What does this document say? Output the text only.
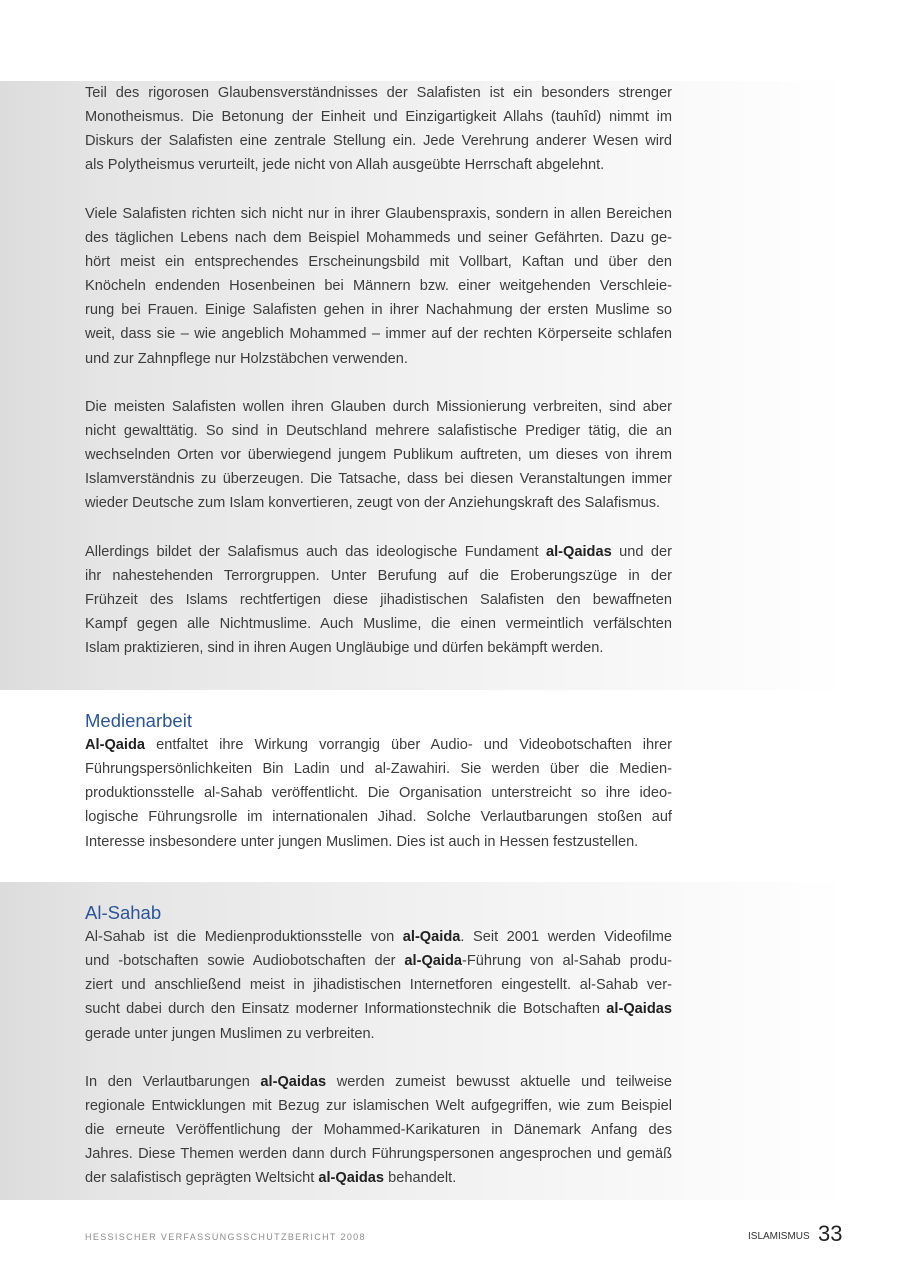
Teil des rigorosen Glaubensverständnisses der Salafisten ist ein besonders strenger
Monotheismus. Die Betonung der Einheit und Einzigartigkeit Allahs (tauhîd) nimmt im
Diskurs der Salafisten eine zentrale Stellung ein. Jede Verehrung anderer Wesen wird
als Polytheismus verurteilt, jede nicht von Allah ausgeübte Herrschaft abgelehnt.
Viele Salafisten richten sich nicht nur in ihrer Glaubenspraxis, sondern in allen Bereichen
des täglichen Lebens nach dem Beispiel Mohammeds und seiner Gefährten. Dazu ge-
hört meist ein entsprechendes Erscheinungsbild mit Vollbart, Kaftan und über den
Knöcheln endenden Hosenbeinen bei Männern bzw. einer weitgehenden Verschleie-
rung bei Frauen. Einige Salafisten gehen in ihrer Nachahmung der ersten Muslime so
weit, dass sie – wie angeblich Mohammed – immer auf der rechten Körperseite schlafen
und zur Zahnpflege nur Holzstäbchen verwenden.
Die meisten Salafisten wollen ihren Glauben durch Missionierung verbreiten, sind aber
nicht gewalttätig. So sind in Deutschland mehrere salafistische Prediger tätig, die an
wechselnden Orten vor überwiegend jungem Publikum auftreten, um dieses von ihrem
Islamverständnis zu überzeugen. Die Tatsache, dass bei diesen Veranstaltungen immer
wieder Deutsche zum Islam konvertieren, zeugt von der Anziehungskraft des Salafismus.
Allerdings bildet der Salafismus auch das ideologische Fundament al-Qaidas und der
ihr nahestehenden Terrorgruppen. Unter Berufung auf die Eroberungszüge in der
Frühzeit des Islams rechtfertigen diese jihadistischen Salafisten den bewaffneten
Kampf gegen alle Nichtmuslime. Auch Muslime, die einen vermeintlich verfälschten
Islam praktizieren, sind in ihren Augen Ungläubige und dürfen bekämpft werden.
Medienarbeit
Al-Qaida entfaltet ihre Wirkung vorrangig über Audio- und Videobotschaften ihrer
Führungspersönlichkeiten Bin Ladin und al-Zawahiri. Sie werden über die Medien-
produktionsstelle al-Sahab veröffentlicht. Die Organisation unterstreicht so ihre ideo-
logische Führungsrolle im internationalen Jihad. Solche Verlautbarungen stoßen auf
Interesse insbesondere unter jungen Muslimen. Dies ist auch in Hessen festzustellen.
Al-Sahab
Al-Sahab ist die Medienproduktionsstelle von al-Qaida. Seit 2001 werden Videofilme
und -botschaften sowie Audiobotschaften der al-Qaida-Führung von al-Sahab produ-
ziert und anschließend meist in jihadistischen Internetforen eingestellt. al-Sahab ver-
sucht dabei durch den Einsatz moderner Informationstechnik die Botschaften al-Qaidas
gerade unter jungen Muslimen zu verbreiten.
In den Verlautbarungen al-Qaidas werden zumeist bewusst aktuelle und teilweise
regionale Entwicklungen mit Bezug zur islamischen Welt aufgegriffen, wie zum Beispiel
die erneute Veröffentlichung der Mohammed-Karikaturen in Dänemark Anfang des
Jahres. Diese Themen werden dann durch Führungspersonen angesprochen und gemäß
der salafistisch geprägten Weltsicht al-Qaidas behandelt.
HESSISCHER VERFASSUNGSSCHUTZBERICHT 2008	ISLAMISMUS 33
